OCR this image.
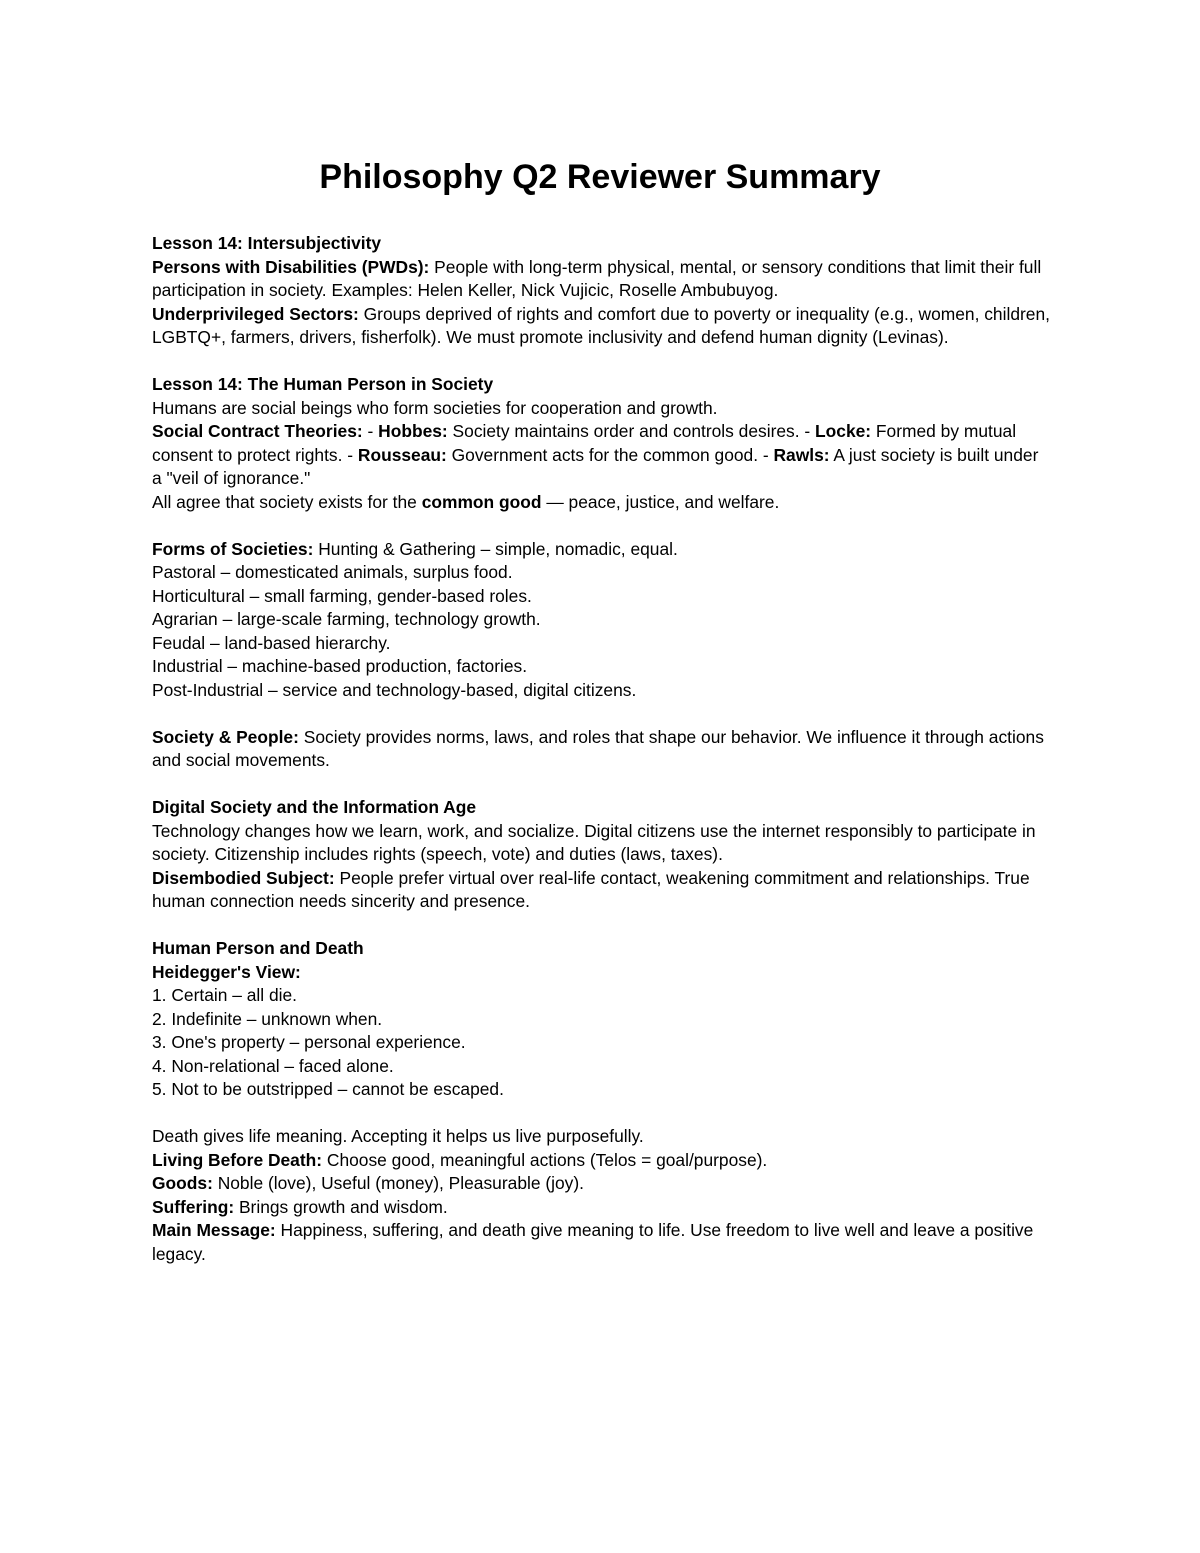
Philosophy Q2 Reviewer Summary

Lesson 14: Intersubjectivity

Persons with Disabilities (PWDs): People with long-term physical, mental, or sensory conditions that limit their full participation in society. Examples: Helen Keller, Nick Vujicic, Roselle Ambubuyog.

Underprivileged Sectors: Groups deprived of rights and comfort due to poverty or inequality (e.g., women, children, LGBTQ+, farmers, drivers, fisherfolk). We must promote inclusivity and defend human dignity (Levinas).

Lesson 14: The Human Person in Society

Humans are social beings who form societies for cooperation and growth.

Social Contract Theories: - Hobbes: Society maintains order and controls desires. - Locke: Formed by mutual consent to protect rights. - Rousseau: Government acts for the common good. - Rawls: A just society is built under a "veil of ignorance."

All agree that society exists for the common good — peace, justice, and welfare.

Forms of Societies: Hunting & Gathering – simple, nomadic, equal.

Pastoral – domesticated animals, surplus food.

Horticultural – small farming, gender-based roles.

Agrarian – large-scale farming, technology growth.

Feudal – land-based hierarchy.

Industrial – machine-based production, factories.

Post-Industrial – service and technology-based, digital citizens.

Society & People: Society provides norms, laws, and roles that shape our behavior. We influence it through actions and social movements.

Digital Society and the Information Age

Technology changes how we learn, work, and socialize. Digital citizens use the internet responsibly to participate in society. Citizenship includes rights (speech, vote) and duties (laws, taxes).

Disembodied Subject: People prefer virtual over real-life contact, weakening commitment and relationships. True human connection needs sincerity and presence.

Human Person and Death

Heidegger's View:

1. Certain – all die.

2. Indefinite – unknown when.

3. One's property – personal experience.

4. Non-relational – faced alone.

5. Not to be outstripped – cannot be escaped.

Death gives life meaning. Accepting it helps us live purposefully.

Living Before Death: Choose good, meaningful actions (Telos = goal/purpose).

Goods: Noble (love), Useful (money), Pleasurable (joy).

Suffering: Brings growth and wisdom.

Main Message: Happiness, suffering, and death give meaning to life. Use freedom to live well and leave a positive legacy.
